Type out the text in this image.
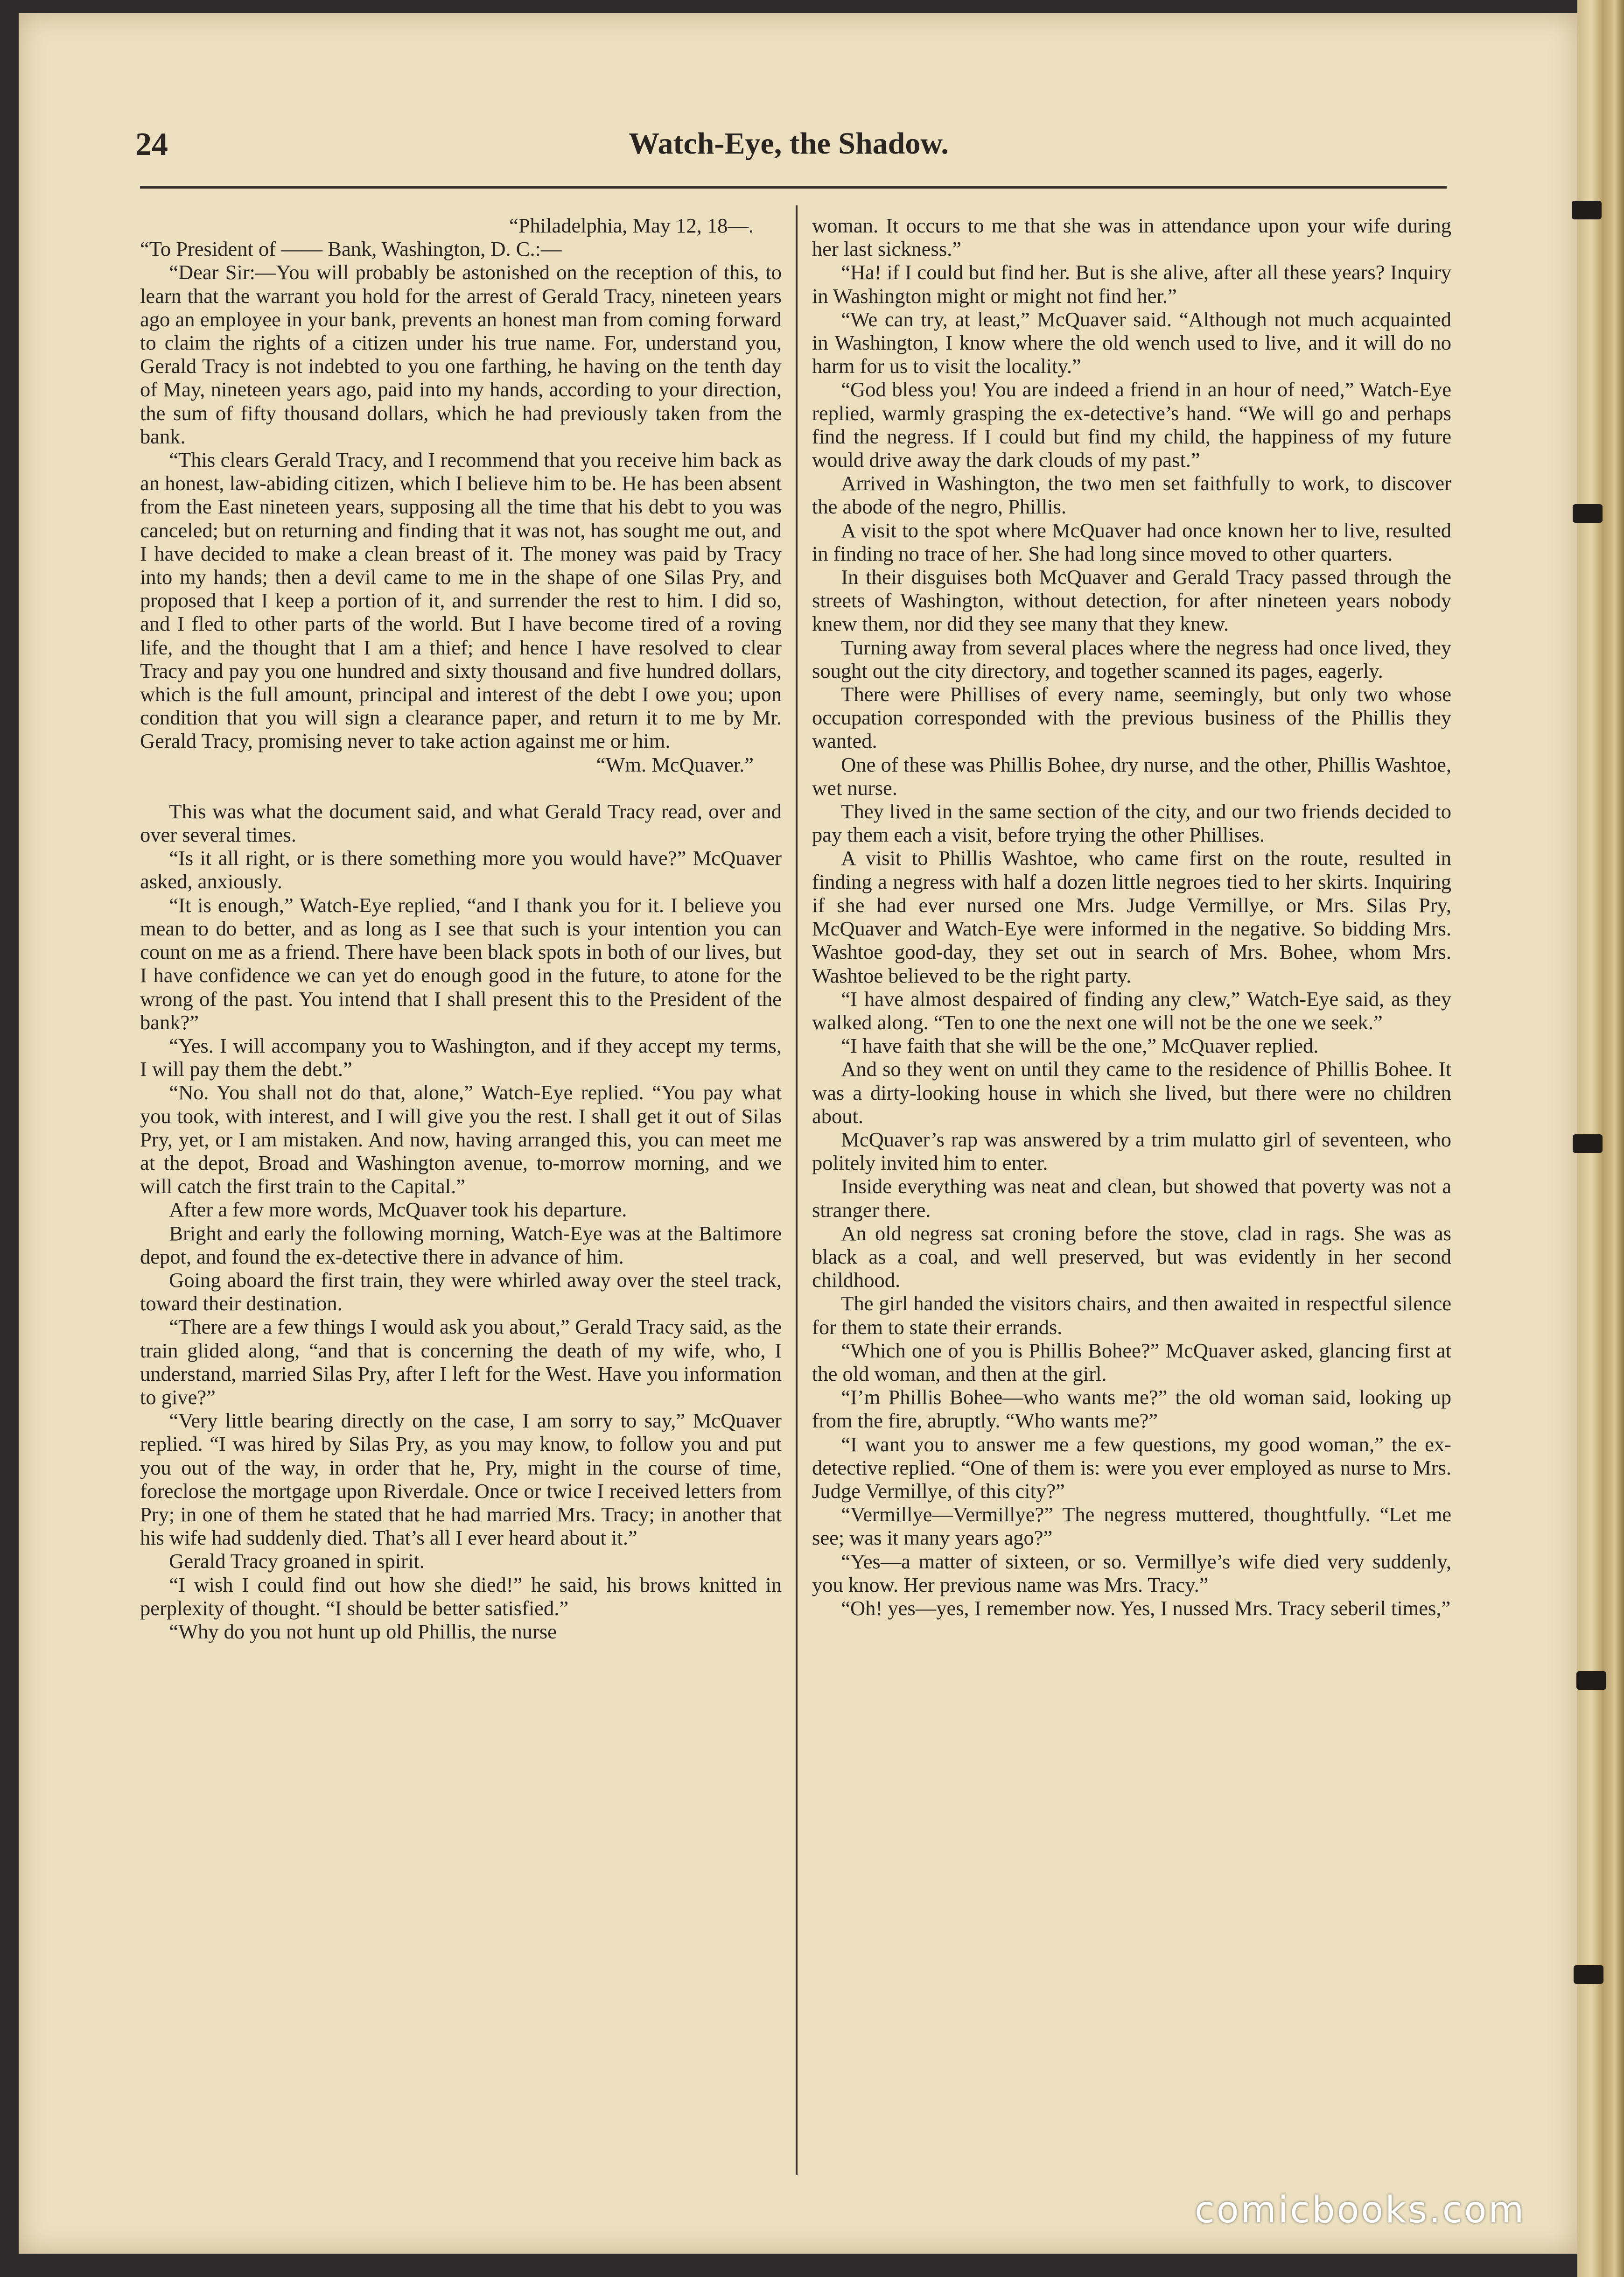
24	Watch-Eye, the Shadow.

“Philadelphia, May 12, 18—.

“To President of —— Bank, Washington, D. C.:—

“Dear Sir:—You will probably be astonished on the reception of this, to learn that the warrant you hold for the arrest of Gerald Tracy, nineteen years ago an employee in your bank, prevents an honest man from coming forward to claim the rights of a citizen under his true name. For, understand you, Gerald Tracy is not indebted to you one farthing, he having on the tenth day of May, nineteen years ago, paid into my hands, according to your direction, the sum of fifty thousand dollars, which he had previously taken from the bank.

“This clears Gerald Tracy, and I recommend that you receive him back as an honest, law-abiding citizen, which I believe him to be. He has been absent from the East nineteen years, supposing all the time that his debt to you was canceled; but on returning and finding that it was not, has sought me out, and I have decided to make a clean breast of it. The money was paid by Tracy into my hands; then a devil came to me in the shape of one Silas Pry, and proposed that I keep a portion of it, and surrender the rest to him. I did so, and I fled to other parts of the world. But I have become tired of a roving life, and the thought that I am a thief; and hence I have resolved to clear Tracy and pay you one hundred and sixty thousand and five hundred dollars, which is the full amount, principal and interest of the debt I owe you; upon condition that you will sign a clearance paper, and return it to me by Mr. Gerald Tracy, promising never to take action against me or him.

“Wm. McQuaver.”

This was what the document said, and what Gerald Tracy read, over and over several times.

“Is it all right, or is there something more you would have?” McQuaver asked, anxiously.

“It is enough,” Watch-Eye replied, “and I thank you for it. I believe you mean to do better, and as long as I see that such is your intention you can count on me as a friend. There have been black spots in both of our lives, but I have confidence we can yet do enough good in the future, to atone for the wrong of the past. You intend that I shall present this to the President of the bank?”

“Yes. I will accompany you to Washington, and if they accept my terms, I will pay them the debt.”

“No. You shall not do that, alone,” Watch-Eye replied. “You pay what you took, with interest, and I will give you the rest. I shall get it out of Silas Pry, yet, or I am mistaken. And now, having arranged this, you can meet me at the depot, Broad and Washington avenue, to-morrow morning, and we will catch the first train to the Capital.”

After a few more words, McQuaver took his departure.

Bright and early the following morning, Watch-Eye was at the Baltimore depot, and found the ex-detective there in advance of him.

Going aboard the first train, they were whirled away over the steel track, toward their destination.

“There are a few things I would ask you about,” Gerald Tracy said, as the train glided along, “and that is concerning the death of my wife, who, I understand, married Silas Pry, after I left for the West. Have you information to give?”

“Very little bearing directly on the case, I am sorry to say,” McQuaver replied. “I was hired by Silas Pry, as you may know, to follow you and put you out of the way, in order that he, Pry, might in the course of time, foreclose the mortgage upon Riverdale. Once or twice I received letters from Pry; in one of them he stated that he had married Mrs. Tracy; in another that his wife had suddenly died. That’s all I ever heard about it.”

Gerald Tracy groaned in spirit.

“I wish I could find out how she died!” he said, his brows knitted in perplexity of thought. “I should be better satisfied.”

“Why do you not hunt up old Phillis, the nurse

woman. It occurs to me that she was in attendance upon your wife during her last sickness.”

“Ha! if I could but find her. But is she alive, after all these years? Inquiry in Washington might or might not find her.”

“We can try, at least,” McQuaver said. “Although not much acquainted in Washington, I know where the old wench used to live, and it will do no harm for us to visit the locality.”

“God bless you! You are indeed a friend in an hour of need,” Watch-Eye replied, warmly grasping the ex-detective’s hand. “We will go and perhaps find the negress. If I could but find my child, the happiness of my future would drive away the dark clouds of my past.”

Arrived in Washington, the two men set faithfully to work, to discover the abode of the negro, Phillis.

A visit to the spot where McQuaver had once known her to live, resulted in finding no trace of her. She had long since moved to other quarters.

In their disguises both McQuaver and Gerald Tracy passed through the streets of Washington, without detection, for after nineteen years nobody knew them, nor did they see many that they knew.

Turning away from several places where the negress had once lived, they sought out the city directory, and together scanned its pages, eagerly.

There were Phillises of every name, seemingly, but only two whose occupation corresponded with the previous business of the Phillis they wanted.

One of these was Phillis Bohee, dry nurse, and the other, Phillis Washtoe, wet nurse.

They lived in the same section of the city, and our two friends decided to pay them each a visit, before trying the other Phillises.

A visit to Phillis Washtoe, who came first on the route, resulted in finding a negress with half a dozen little negroes tied to her skirts. Inquiring if she had ever nursed one Mrs. Judge Vermillye, or Mrs. Silas Pry, McQuaver and Watch-Eye were informed in the negative. So bidding Mrs. Washtoe good-day, they set out in search of Mrs. Bohee, whom Mrs. Washtoe believed to be the right party.

“I have almost despaired of finding any clew,” Watch-Eye said, as they walked along. “Ten to one the next one will not be the one we seek.”

“I have faith that she will be the one,” McQuaver replied.

And so they went on until they came to the residence of Phillis Bohee. It was a dirty-looking house in which she lived, but there were no children about.

McQuaver’s rap was answered by a trim mulatto girl of seventeen, who politely invited him to enter.

Inside everything was neat and clean, but showed that poverty was not a stranger there.

An old negress sat croning before the stove, clad in rags. She was as black as a coal, and well preserved, but was evidently in her second childhood.

The girl handed the visitors chairs, and then awaited in respectful silence for them to state their errands.

“Which one of you is Phillis Bohee?” McQuaver asked, glancing first at the old woman, and then at the girl.

“I’m Phillis Bohee—who wants me?” the old woman said, looking up from the fire, abruptly. “Who wants me?”

“I want you to answer me a few questions, my good woman,” the ex-detective replied. “One of them is: were you ever employed as nurse to Mrs. Judge Vermillye, of this city?”

“Vermillye—Vermillye?” The negress muttered, thoughtfully. “Let me see; was it many years ago?”

“Yes—a matter of sixteen, or so. Vermillye’s wife died very suddenly, you know. Her previous name was Mrs. Tracy.”

“Oh! yes—yes, I remember now. Yes, I nussed Mrs. Tracy seberil times,”

comicbooks.com
